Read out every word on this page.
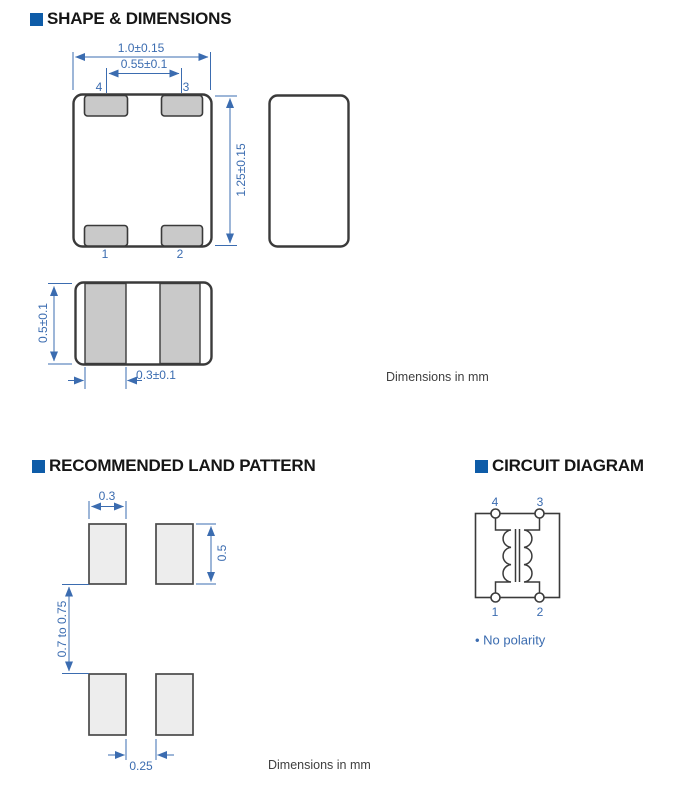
SHAPE & DIMENSIONS
RECOMMENDED LAND PATTERN	CIRCUIT DIAGRAM
1.0±0.15
0.55±0.1
1.25±0.15
4	3
1	2
0.5±0.1
0.3±0.1	Dimensions in mm
0.3
0.5
0.7 to 0.75
0.25	Dimensions in mm
4	3
1	2
• No polarity
